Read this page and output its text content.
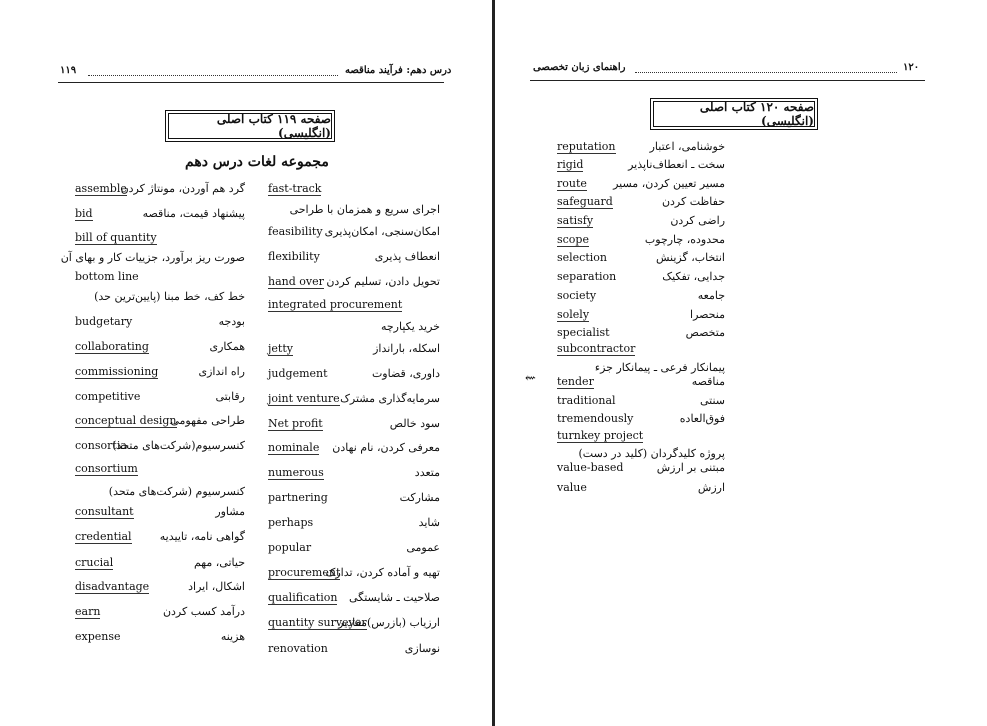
۱۱۹	درس دهم: فرآیند مناقصه
صفحه ۱۱۹ کتاب اصلی (انگلیسی)
مجموعه لغات درس دهم
assemble
گرد هم آوردن، مونتاژ کردن
bid	پیشنهاد قیمت، مناقصه
bill of quantity
صورت ریز برآورد، جزییات کار و بهای آن
bottom line
خط کف، خط مبنا (پایین‌ترین حد)
budgetary	بودجه
collaborating	همکاری
commissioning	راه اندازی
competitive	رقابتی
conceptual design
طراحی مفهومی
consortia
کنسرسیوم(شرکت‌های متحد)
consortium
کنسرسیوم (شرکت‌های متحد)
consultant	مشاور
credential	گواهی نامه، تاییدیه
crucial	حیاتی، مهم
disadvantage	اشکال، ایراد
earn	درآمد کسب کردن
expense	هزینه
fast-track
اجرای سریع و همزمان با طراحی
feasibility امکان‌سنجی، امکان‌پذیری
flexibility	انعطاف پذیری
hand over تحویل دادن، تسلیم کردن
integrated procurement
خرید یکپارچه
jetty	اسکله، بارانداز
judgement	داوری، قضاوت
joint venture سرمایه‌گذاری مشترک
Net profit	سود خالص
nominale معرفی کردن، نام نهادن
numerous	متعدد
partnering	مشارکت
perhaps	شاید
popular	عمومی
procurement
تهیه و آماده کردن، تدارک
qualification صلاحیت ـ شایستگی
quantity surveyor
ارزیاب (بازرس)مقادیر
renovation	نوسازی
راهنمای زبان تخصصی	۱۲۰
صفحه ۱۲۰ کتاب اصلی (انگلیسی)
⇜
reputation	خوشنامی، اعتبار
rigid	سخت ـ انعطاف‌ناپذیر
route مسیر تعیین کردن، مسیر
safeguard	حفاظت کردن
satisfy	راضی کردن
scope	محدوده، چارچوب
selection	انتخاب، گزینش
separation	جدایی، تفکیک
society	جامعه
solely	منحصرا
specialist	متخصص
subcontractor
پیمانکار فرعی ـ پیمانکار جزء
tender	مناقصه
traditional	سنتی
tremendously	فوق‌العاده
turnkey project
پروژه کلیدگردان (کلید در دست)
value-based	مبتنی بر ارزش
value	ارزش
